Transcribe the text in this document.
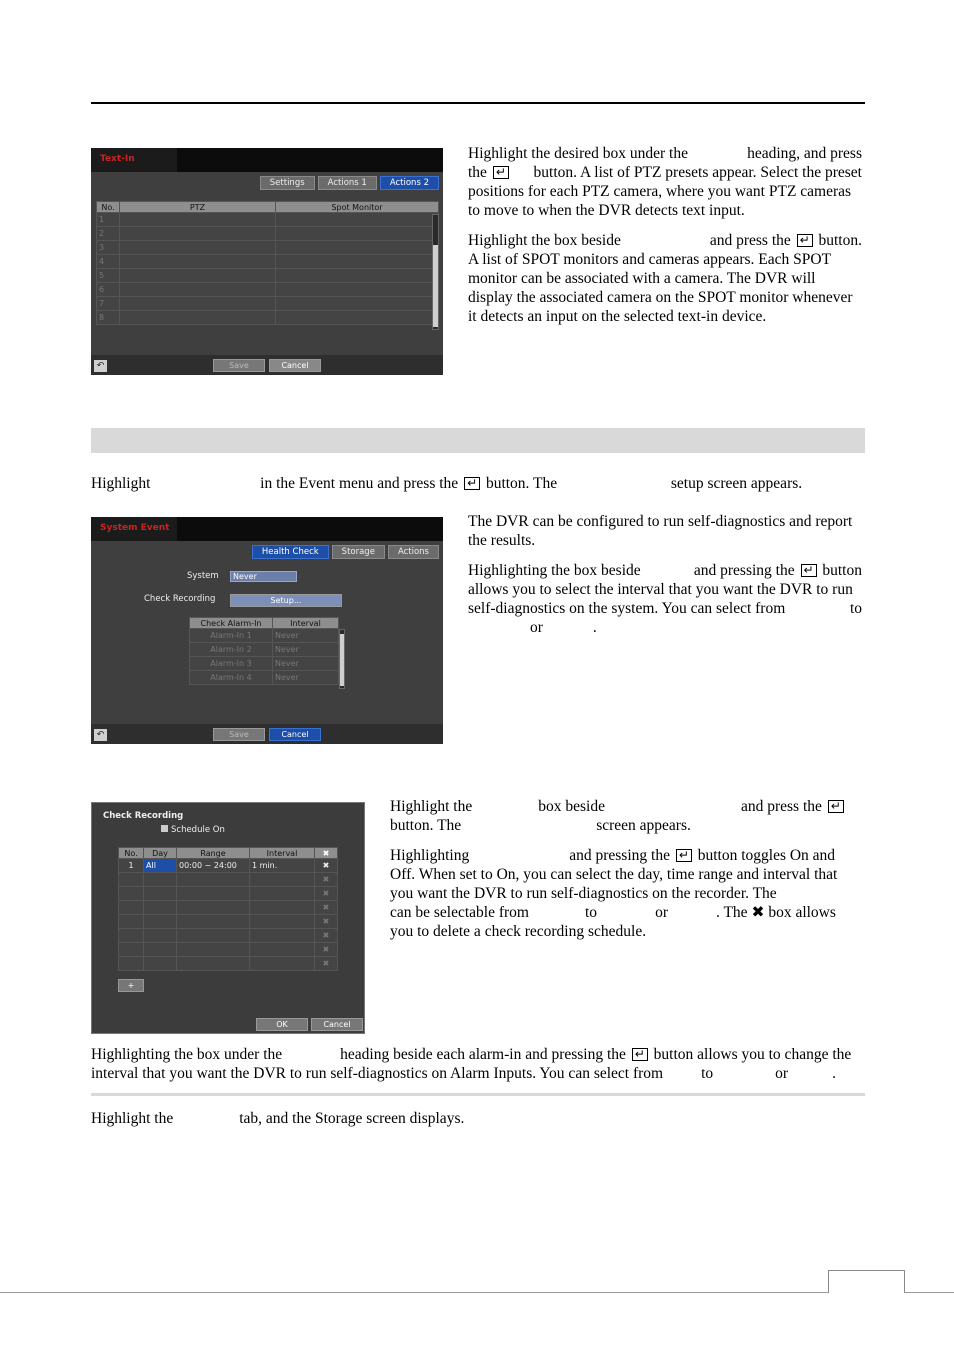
Text-In
Settings	Actions 1	Actions 2
No.	PTZ	Spot Monitor
1		
2		
3		
4		
5		
6		
7		
8		
↶	Save	Cancel
Highlight the desired box under the	heading, and press
the ↵	button. A list of PTZ presets appear. Select the preset
positions for each PTZ camera, where you want PTZ cameras
to move to when the DVR detects text input.
Highlight the box beside	and press the ↵ button.
A list of SPOT monitors and cameras appears. Each SPOT
monitor can be associated with a camera. The DVR will
display the associated camera on the SPOT monitor whenever
it detects an input on the selected text-in device.
Highlight	in the Event menu and press the ↵ button. The	setup screen appears.
System Event
Health Check	Storage	Actions
System	Never
Check Recording	Setup...
Check Alarm-In	Interval
Alarm-In 1	Never
Alarm-In 2	Never
Alarm-In 3	Never
Alarm-In 4	Never
↶	Save	Cancel
The DVR can be configured to run self-diagnostics and report
the results.
Highlighting the box beside	and pressing the ↵ button
allows you to select the interval that you want the DVR to run
self-diagnostics on the system. You can select from	to
or	.
Check Recording
Schedule On
No.	Day	Range	Interval	✖
1	All	00:00 ~ 24:00	1 min.	✖
				✖
				✖
				✖
				✖
				✖
				✖
				✖
+
OK	Cancel
Highlight the	box beside	and press the ↵
button. The	screen appears.
Highlighting	and pressing the ↵ button toggles On and
Off. When set to On, you can select the day, time range and interval that
you want the DVR to run self-diagnostics on the recorder. The
can be selectable from	to	or	. The ✖ box allows
you to delete a check recording schedule.
Highlighting the box under the	heading beside each alarm-in and pressing the ↵ button allows you to change the
interval that you want the DVR to run self-diagnostics on Alarm Inputs. You can select from to	or	.
Highlight the	tab, and the Storage screen displays.
